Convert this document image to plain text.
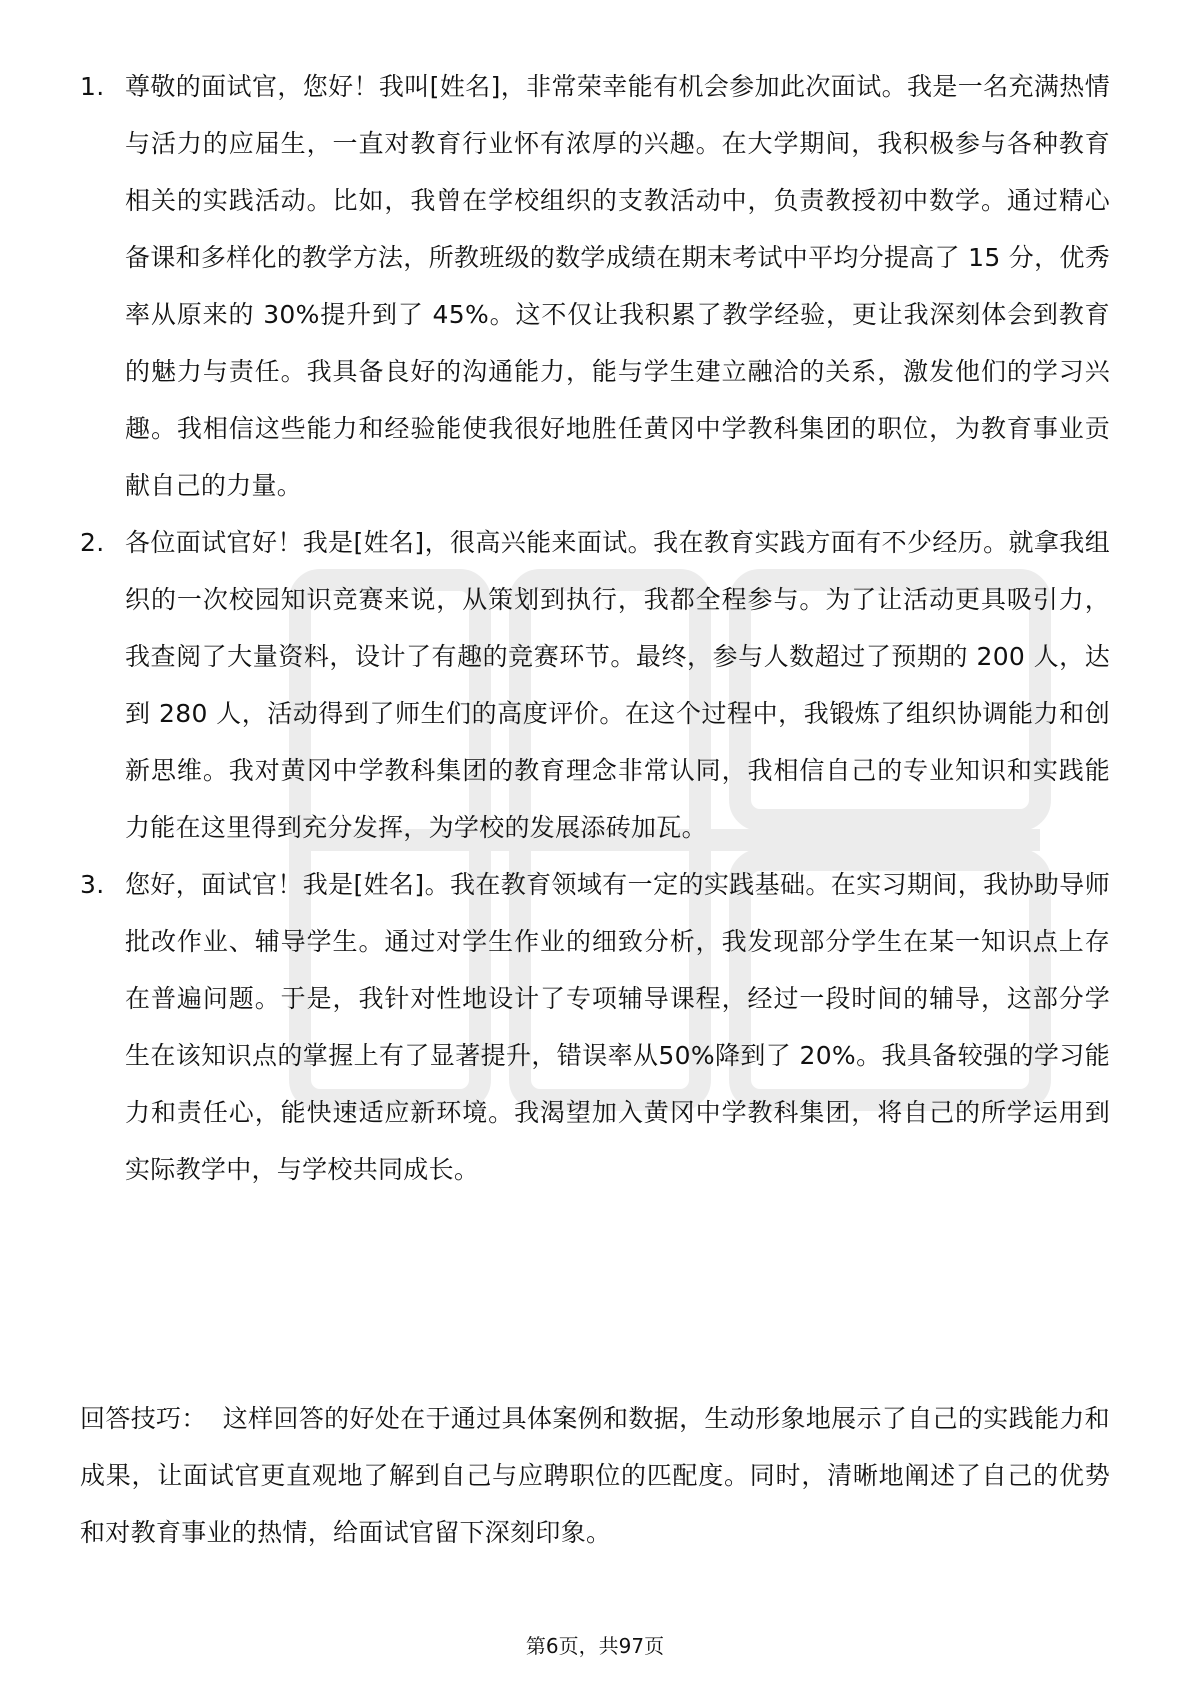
1. 尊敬的面试官，您好！我叫[姓名]，非常荣幸能有机会参加此次面试。我是一名充满热情与活力的应届生，一直对教育行业怀有浓厚的兴趣。在大学期间，我积极参与各种教育相关的实践活动。比如，我曾在学校组织的支教活动中，负责教授初中数学。通过精心备课和多样化的教学方法，所教班级的数学成绩在期末考试中平均分提高了 15 分，优秀率从原来的 30%提升到了 45%。这不仅让我积累了教学经验，更让我深刻体会到教育的魅力与责任。我具备良好的沟通能力，能与学生建立融洽的关系，激发他们的学习兴趣。我相信这些能力和经验能使我很好地胜任黄冈中学教科集团的职位，为教育事业贡献自己的力量。
2. 各位面试官好！我是[姓名]，很高兴能来面试。我在教育实践方面有不少经历。就拿我组织的一次校园知识竞赛来说，从策划到执行，我都全程参与。为了让活动更具吸引力，我查阅了大量资料，设计了有趣的竞赛环节。最终，参与人数超过了预期的 200 人，达到 280 人，活动得到了师生们的高度评价。在这个过程中，我锻炼了组织协调能力和创新思维。我对黄冈中学教科集团的教育理念非常认同，我相信自己的专业知识和实践能力能在这里得到充分发挥，为学校的发展添砖加瓦。
3. 您好，面试官！我是[姓名]。我在教育领域有一定的实践基础。在实习期间，我协助导师批改作业、辅导学生。通过对学生作业的细致分析，我发现部分学生在某一知识点上存在普遍问题。于是，我针对性地设计了专项辅导课程，经过一段时间的辅导，这部分学生在该知识点的掌握上有了显著提升，错误率从50%降到了 20%。我具备较强的学习能力和责任心，能快速适应新环境。我渴望加入黄冈中学教科集团，将自己的所学运用到实际教学中，与学校共同成长。

回答技巧： 这样回答的好处在于通过具体案例和数据，生动形象地展示了自己的实践能力和成果，让面试官更直观地了解到自己与应聘职位的匹配度。同时，清晰地阐述了自己的优势和对教育事业的热情，给面试官留下深刻印象。

第6页，共97页
